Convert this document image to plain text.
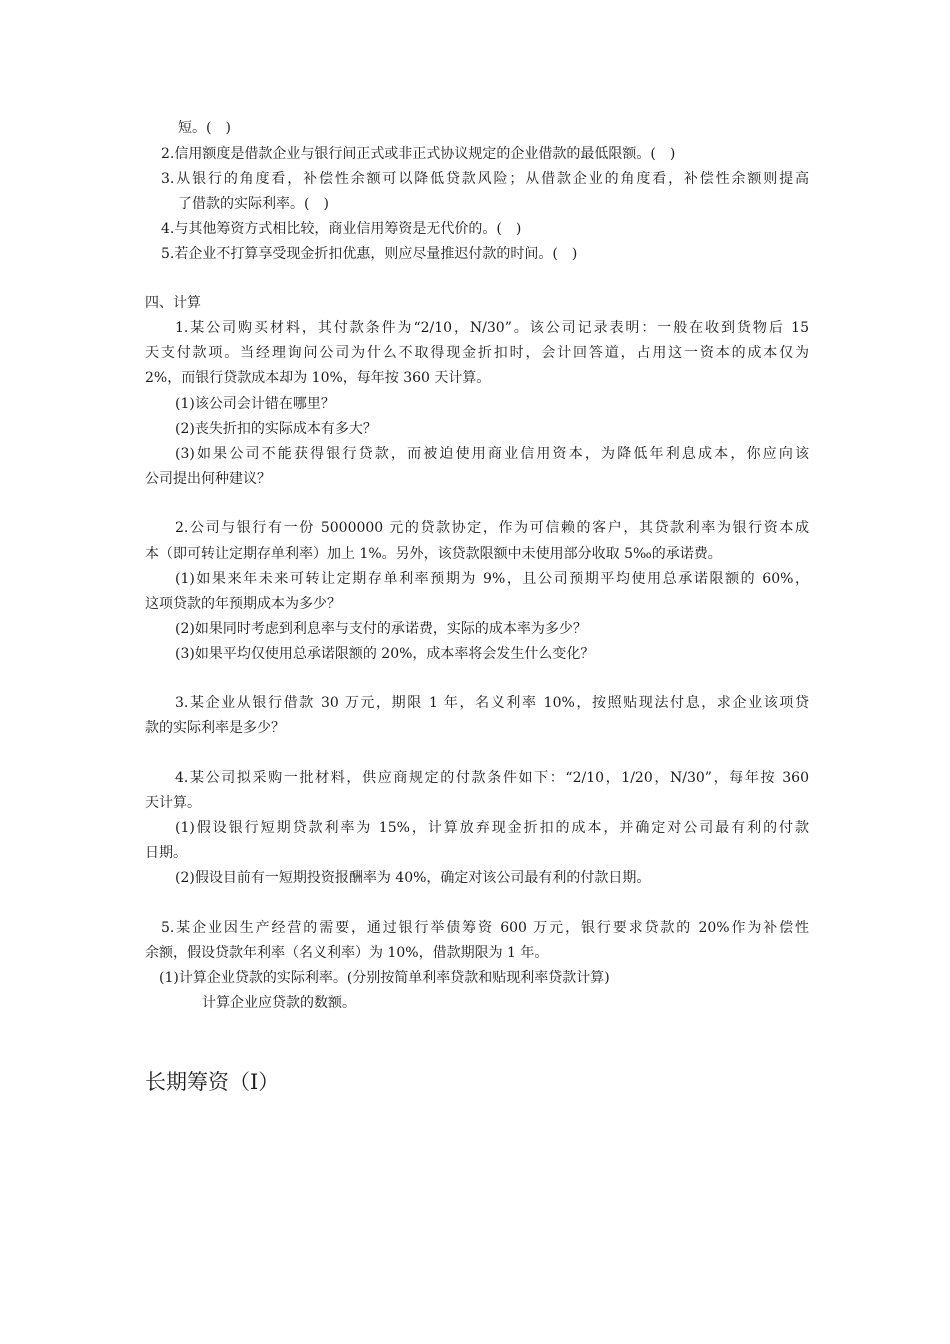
短。(　)
2.信用额度是借款企业与银行间正式或非正式协议规定的企业借款的最低限额。(　)
3.从银行的角度看，补偿性余额可以降低贷款风险；从借款企业的角度看，补偿性余额则提高
了借款的实际利率。(　)
4.与其他筹资方式相比较，商业信用筹资是无代价的。(　)
5.若企业不打算享受现金折扣优惠，则应尽量推迟付款的时间。(　)
四、计算
1.某公司购买材料，其付款条件为“2/10，N/30”。该公司记录表明：一般在收到货物后 15
天支付款项。当经理询问公司为什么不取得现金折扣时，会计回答道，占用这一资本的成本仅为
2%，而银行贷款成本却为 10%，每年按 360 天计算。
(1)该公司会计错在哪里？
(2)丧失折扣的实际成本有多大？
(3)如果公司不能获得银行贷款，而被迫使用商业信用资本，为降低年利息成本，你应向该
公司提出何种建议？
2.公司与银行有一份 5000000 元的贷款协定，作为可信赖的客户，其贷款利率为银行资本成
本（即可转让定期存单利率）加上 1%。另外，该贷款限额中未使用部分收取 5‰的承诺费。
(1)如果来年未来可转让定期存单利率预期为 9%，且公司预期平均使用总承诺限额的 60%，
这项贷款的年预期成本为多少？
(2)如果同时考虑到利息率与支付的承诺费，实际的成本率为多少？
(3)如果平均仅使用总承诺限额的 20%，成本率将会发生什么变化？
3.某企业从银行借款 30 万元，期限 1 年，名义利率 10%，按照贴现法付息，求企业该项贷
款的实际利率是多少？
4.某公司拟采购一批材料，供应商规定的付款条件如下：“2/10，1/20，N/30”，每年按 360
天计算。
(1)假设银行短期贷款利率为 15%，计算放弃现金折扣的成本，并确定对公司最有利的付款
日期。
(2)假设目前有一短期投资报酬率为 40%，确定对该公司最有利的付款日期。
5.某企业因生产经营的需要，通过银行举债筹资 600 万元，银行要求贷款的 20%作为补偿性
余额，假设贷款年利率（名义利率）为 10%，借款期限为 1 年。
(1)计算企业贷款的实际利率。(分别按简单利率贷款和贴现利率贷款计算)
计算企业应贷款的数额。
长期筹资（Ⅰ）
